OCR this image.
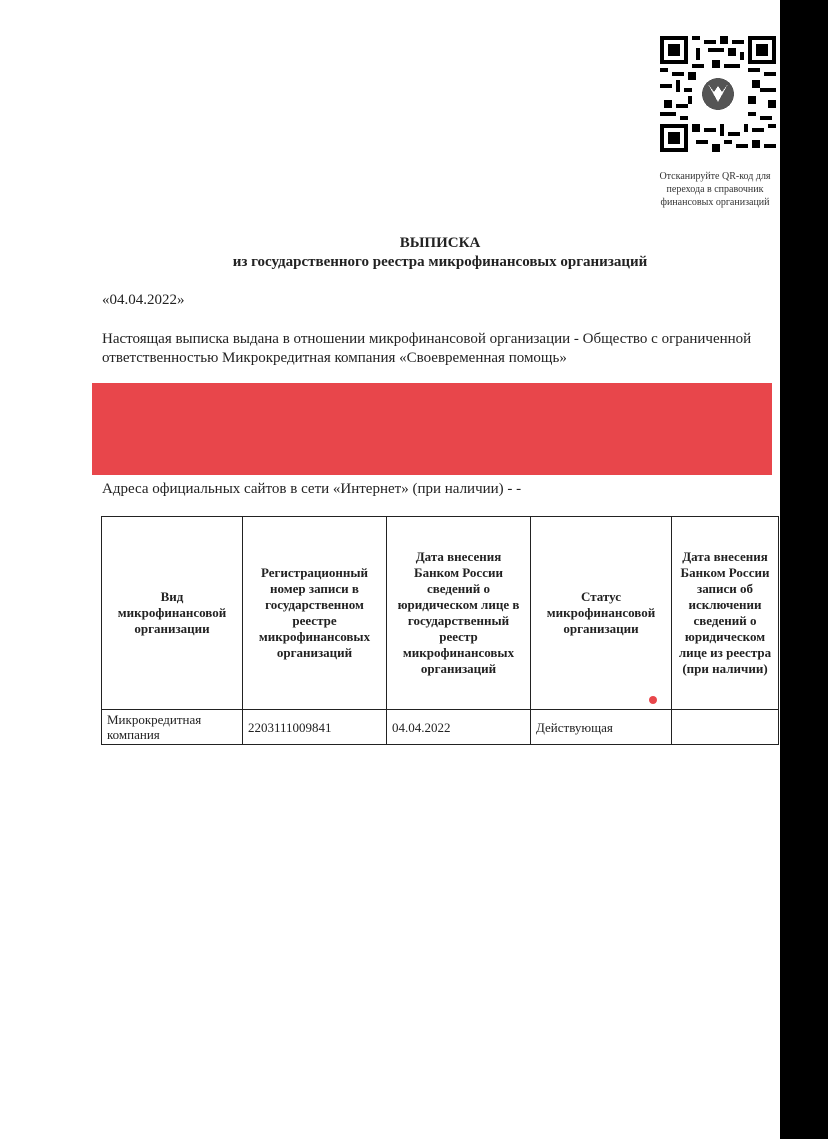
Отсканируйте QR-код для перехода в справочник финансовых организаций
ВЫПИСКА
из государственного реестра микрофинансовых организаций
«04.04.2022»
Настоящая выписка выдана в отношении микрофинансовой организации - Общество с ограниченной ответственностью Микрокредитная компания «Своевременная помощь»
Адреса официальных сайтов в сети «Интернет» (при наличии) - -
Вид микрофинансовой организации	Регистрационный номер записи в государственном реестре микрофинансовых организаций	Дата внесения Банком России сведений о юридическом лице в государственный реестр микрофинансовых организаций	Статус микрофинансовой организации	Дата внесения Банком России записи об исключении сведений о юридическом лице из реестра (при наличии)
Микрокредитная компания	2203111009841	04.04.2022	Действующая	
